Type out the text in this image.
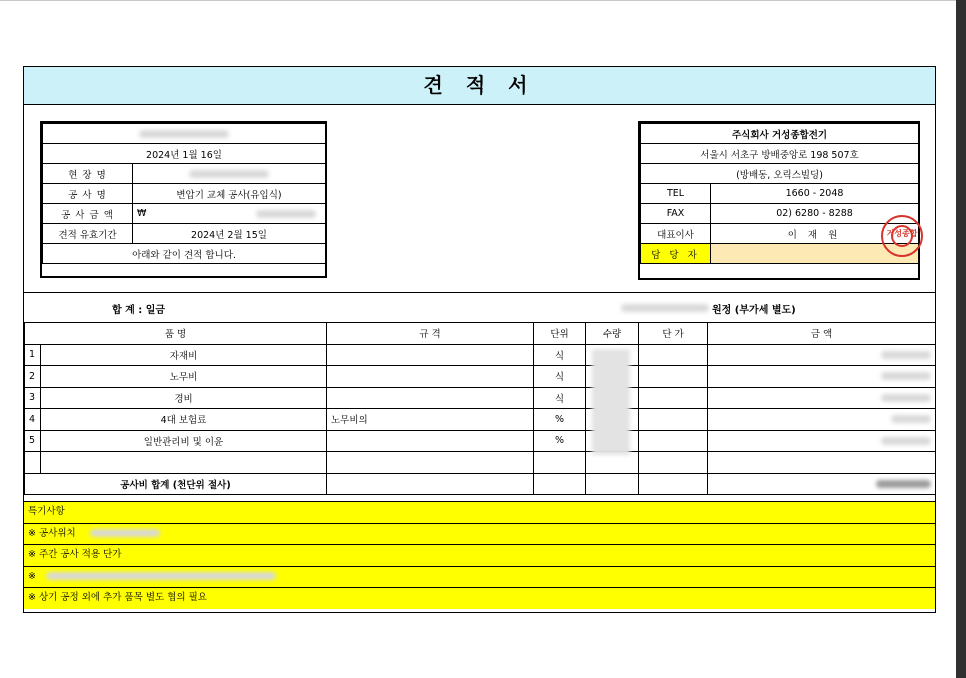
견 적 서

2024년 1월 16일	
현 장 명	
공 사 명	변압기 교체 공사(유입식)
공 사 금 액	₩
견적 유효기간	2024년 2월 15일
아래와 같이 견적 합니다.	
주식회사 거성종합전기	
서울시 서초구 방배중앙로 198 507호	
(방배동, 오릭스빌딩)	
TEL	1660 - 2048
FAX	02) 6280 - 8288
대표이사	이 재 원
담 당 자	
거성종합
합 계 : 일금	원정 (부가세 별도)
품 명		규 격	단위	수량	단 가	금 액
1	자재비		식			
2	노무비		식			
3	경비		식			
4	4대 보험료	노무비의	%			
5	일반관리비 및 이윤		%			

공사비 합계 (천단위 절사)						
특기사항
※ 공사위치
※ 주간 공사 적용 단가
※
※ 상기 공정 외에 추가 품목 별도 협의 필요
